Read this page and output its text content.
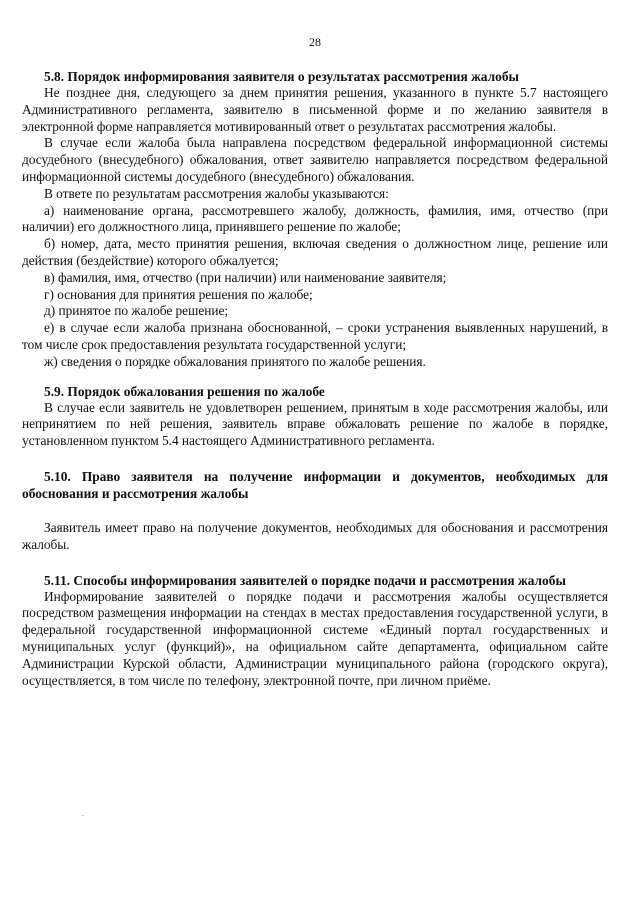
28

5.8. Порядок информирования заявителя о результатах рассмотрения жалобы

Не позднее дня, следующего за днем принятия решения, указанного в пункте 5.7 настоящего Административного регламента, заявителю в письменной форме и по желанию заявителя в электронной форме направляется мотивированный ответ о результатах рассмотрения жалобы.

В случае если жалоба была направлена посредством федеральной информационной системы досудебного (внесудебного) обжалования, ответ заявителю направляется посредством федеральной информационной системы досудебного (внесудебного) обжалования.

В ответе по результатам рассмотрения жалобы указываются:

а) наименование органа, рассмотревшего жалобу, должность, фамилия, имя, отчество (при наличии) его должностного лица, принявшего решение по жалобе;

б) номер, дата, место принятия решения, включая сведения о должностном лице, решение или действия (бездействие) которого обжалуется;

в) фамилия, имя, отчество (при наличии) или наименование заявителя;

г) основания для принятия решения по жалобе;

д) принятое по жалобе решение;

е) в случае если жалоба признана обоснованной, – сроки устранения выявленных нарушений, в том числе срок предоставления результата государственной услуги;

ж) сведения о порядке обжалования принятого по жалобе решения.

5.9. Порядок обжалования решения по жалобе

В случае если заявитель не удовлетворен решением, принятым в ходе рассмотрения жалобы, или непринятием по ней решения, заявитель вправе обжаловать решение по жалобе в порядке, установленном пунктом 5.4 настоящего Административного регламента.

5.10. Право заявителя на получение информации и документов, необходимых для обоснования и рассмотрения жалобы

Заявитель имеет право на получение документов, необходимых для обоснования и рассмотрения жалобы.

5.11. Способы информирования заявителей о порядке подачи и рассмотрения жалобы

Информирование заявителей о порядке подачи и рассмотрения жалобы осуществляется посредством размещения информации на стендах в местах предоставления государственной услуги, в федеральной государственной информационной системе «Единый портал государственных и муниципальных услуг (функций)», на официальном сайте департамента, официальном сайте Администрации Курской области, Администрации муниципального района (городского округа), осуществляется, в том числе по телефону, электронной почте, при личном приёме.
